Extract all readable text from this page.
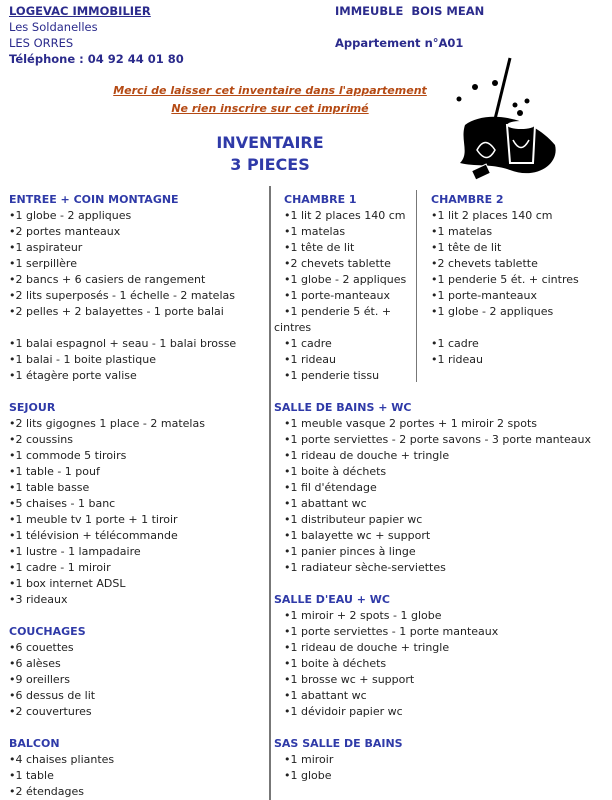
LOGEVAC IMMOBILIER
Les Soldanelles
LES ORRES
Téléphone : 04 92 44 01 80
IMMEUBLE  BOIS MEAN
Appartement n°A01
Merci de laisser cet inventaire dans l'appartement
Ne rien inscrire sur cet imprimé
INVENTAIRE
3 PIECES
ENTREE + COIN MONTAGNE
•1 globe - 2 appliques
•2 portes manteaux
•1 aspirateur
•1 serpillère
•2 bancs + 6 casiers de rangement
•2 lits superposés - 1 échelle - 2 matelas
•2 pelles + 2 balayettes - 1 porte balai
•1 balai espagnol + seau - 1 balai brosse
•1 balai - 1 boite plastique
•1 étagère porte valise
SEJOUR
•2 lits gigognes 1 place - 2 matelas
•2 coussins
•1 commode 5 tiroirs
•1 table - 1 pouf
•1 table basse
•5 chaises - 1 banc
•1 meuble tv 1 porte + 1 tiroir
•1 télévision + télécommande
•1 lustre - 1 lampadaire
•1 cadre - 1 miroir
•1 box internet ADSL
•3 rideaux
COUCHAGES
•6 couettes
•6 alèses
•9 oreillers
•6 dessus de lit
•2 couvertures
BALCON
•4 chaises pliantes
•1 table
•2 étendages
CHAMBRE 1
•1 lit 2 places 140 cm
•1 matelas
•1 tête de lit
•2 chevets tablette
•1 globe - 2 appliques
•1 porte-manteaux
•1 penderie 5 ét. + cintres
•1 cadre
•1 rideau
•1 penderie tissu
CHAMBRE 2
•1 lit 2 places 140 cm
•1 matelas
•1 tête de lit
•2 chevets tablette
•1 penderie 5 ét. + cintres
•1 porte-manteaux
•1 globe - 2 appliques
•1 cadre
•1 rideau
SALLE DE BAINS + WC
•1 meuble vasque 2 portes + 1 miroir 2 spots
•1 porte serviettes - 2 porte savons - 3 porte manteaux
•1 rideau de douche + tringle
•1 boite à déchets
•1 fil d'étendage
•1 abattant wc
•1 distributeur papier wc
•1 balayette wc + support
•1 panier pinces à linge
•1 radiateur sèche-serviettes
SALLE D'EAU + WC
•1 miroir + 2 spots - 1 globe
•1 porte serviettes - 1 porte manteaux
•1 rideau de douche + tringle
•1 boite à déchets
•1 brosse wc + support
•1 abattant wc
•1 dévidoir papier wc
SAS SALLE DE BAINS
•1 miroir
•1 globe
